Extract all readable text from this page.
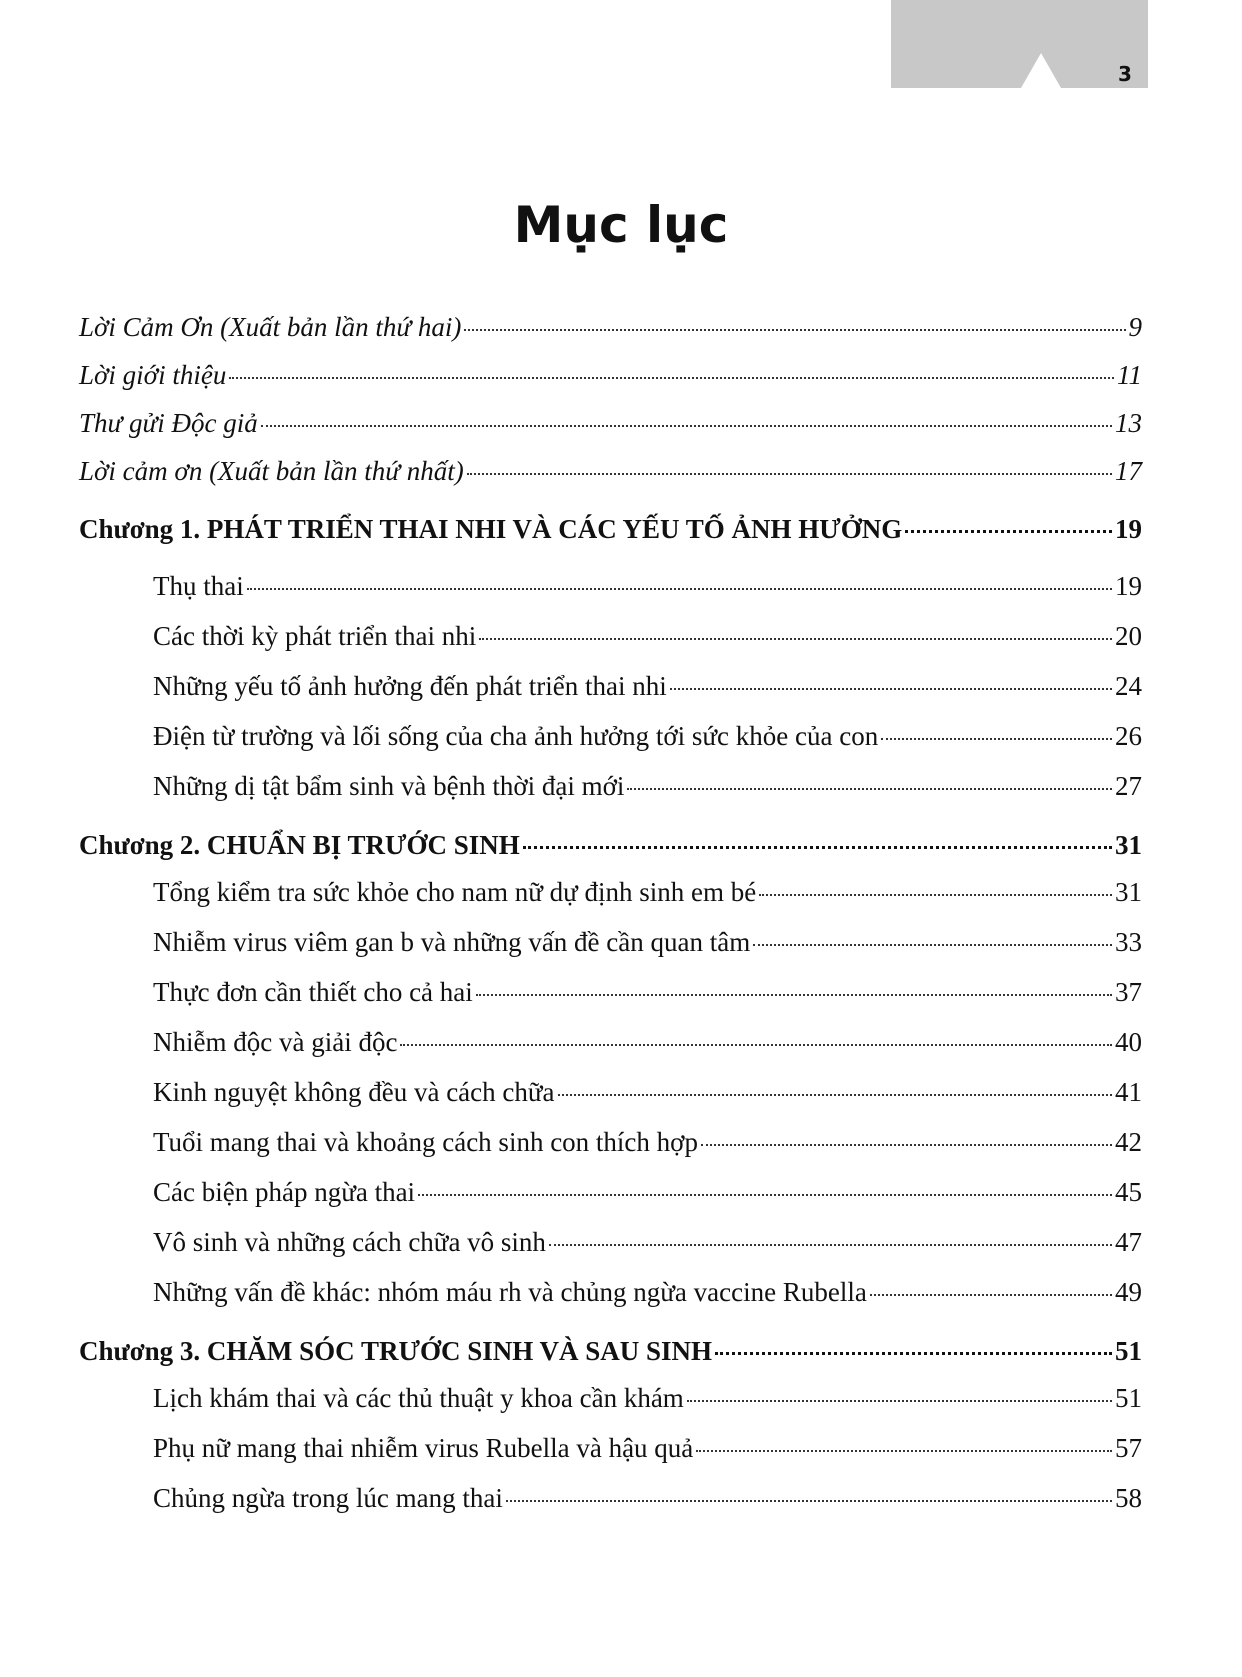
3
Mục lục
Lời Cảm Ơn (Xuất bản lần thứ hai)	9
Lời giới thiệu	11
Thư gửi Độc giả	13
Lời cảm ơn (Xuất bản lần thứ nhất)	17
Chương 1. PHÁT TRIỂN THAI NHI VÀ CÁC YẾU TỐ ẢNH HƯỞNG	19
Thụ thai	19
Các thời kỳ phát triển thai nhi	20
Những yếu tố ảnh hưởng đến phát triển thai nhi	24
Điện từ trường và lối sống của cha ảnh hưởng tới sức khỏe của con	26
Những dị tật bẩm sinh và bệnh thời đại mới	27
Chương 2. CHUẨN BỊ TRƯỚC SINH	31
Tổng kiểm tra sức khỏe cho nam nữ dự định sinh em bé	31
Nhiễm virus viêm gan b và những vấn đề cần quan tâm	33
Thực đơn cần thiết cho cả hai	37
Nhiễm độc và giải độc	40
Kinh nguyệt không đều và cách chữa	41
Tuổi mang thai và khoảng cách sinh con thích hợp	42
Các biện pháp ngừa thai	45
Vô sinh và những cách chữa vô sinh	47
Những vấn đề khác: nhóm máu rh và chủng ngừa vaccine Rubella	49
Chương 3. CHĂM SÓC TRƯỚC SINH VÀ SAU SINH	51
Lịch khám thai và các thủ thuật y khoa cần khám	51
Phụ nữ mang thai nhiễm virus Rubella và hậu quả	57
Chủng ngừa trong lúc mang thai	58
